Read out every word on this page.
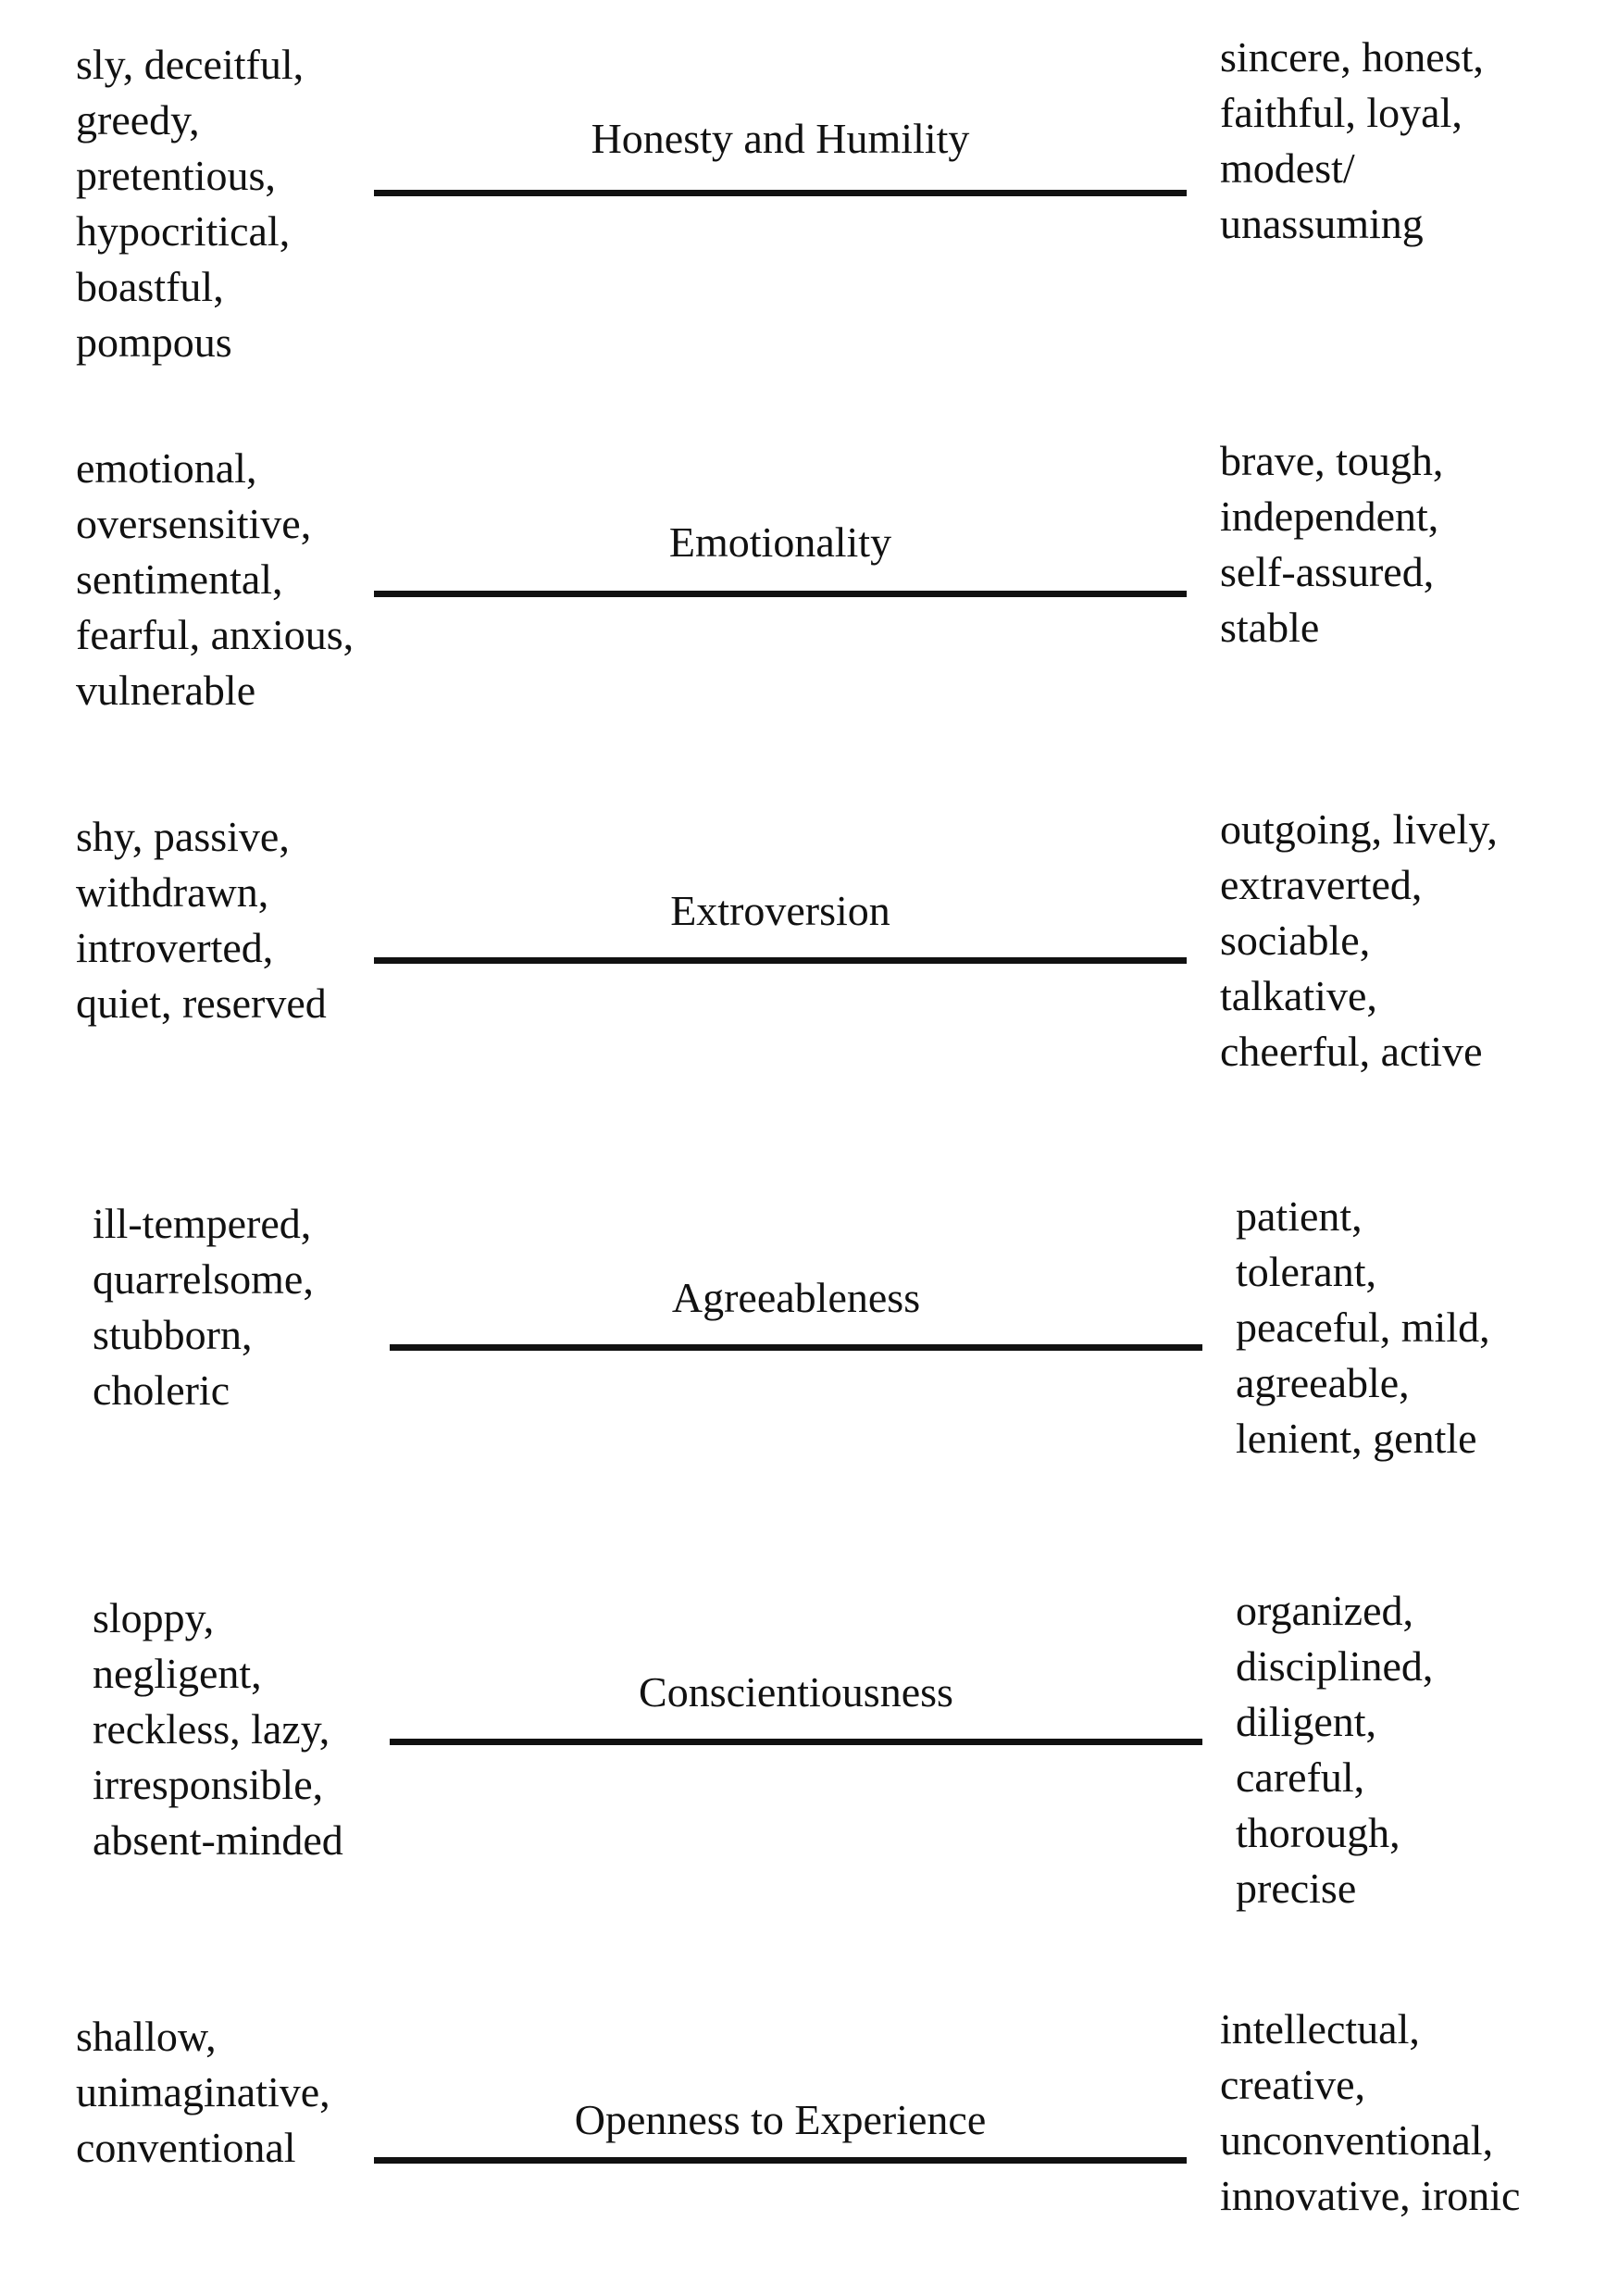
sly, deceitful,
greedy,
pretentious,
hypocritical,
boastful,
pompous
Honesty and Humility
sincere, honest,
faithful, loyal,
modest/
unassuming
emotional,
oversensitive,
sentimental,
fearful, anxious,
vulnerable
Emotionality
brave, tough,
independent,
self-assured,
stable
shy, passive,
withdrawn,
introverted,
quiet, reserved
Extroversion
outgoing, lively,
extraverted,
sociable,
talkative,
cheerful, active
ill-tempered,
quarrelsome,
stubborn,
choleric
Agreeableness
patient,
tolerant,
peaceful, mild,
agreeable,
lenient, gentle
sloppy,
negligent,
reckless, lazy,
irresponsible,
absent-minded
Conscientiousness
organized,
disciplined,
diligent,
careful,
thorough,
precise
shallow,
unimaginative,
conventional
Openness to Experience
intellectual,
creative,
unconventional,
innovative, ironic
